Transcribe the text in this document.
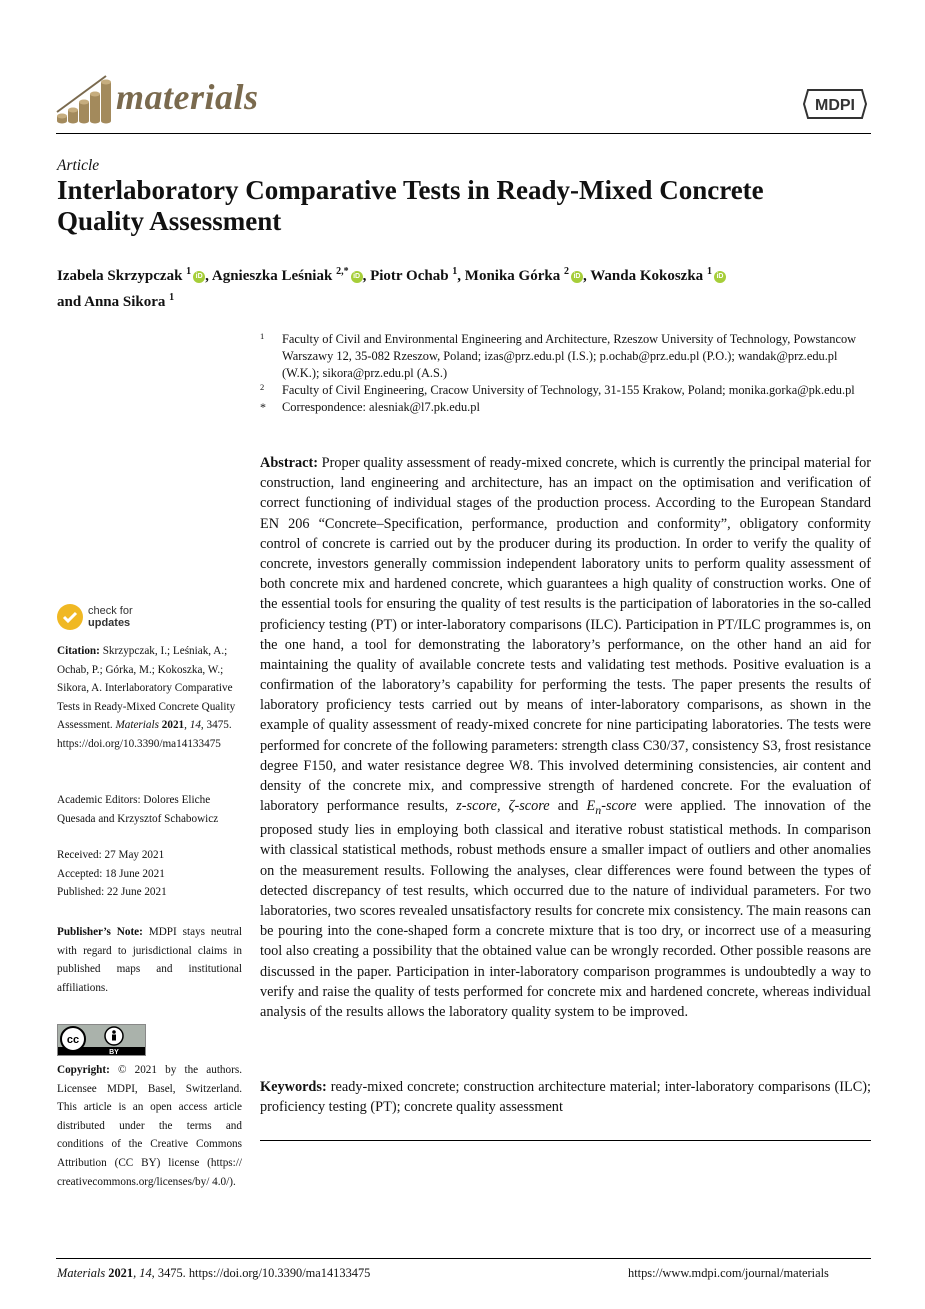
materials	MDPI
Article
Interlaboratory Comparative Tests in Ready-Mixed Concrete Quality Assessment
Izabela Skrzypczak $^1$ iD , Agnieszka Leśniak $^{2,*}$ iD , Piotr Ochab $^1$, Monika Górka $^2$ iD , Wanda Kokoszka $^1$ iD
and Anna Sikora $^1$
1 Faculty of Civil and Environmental Engineering and Architecture, Rzeszow University of Technology, Powstancow Warszawy 12, 35-082 Rzeszow, Poland; izas@prz.edu.pl (I.S.); p.ochab@prz.edu.pl (P.O.); wandak@prz.edu.pl (W.K.); sikora@prz.edu.pl (A.S.)
2 Faculty of Civil Engineering, Cracow University of Technology, 31-155 Krakow, Poland; monika.gorka@pk.edu.pl
* Correspondence: alesniak@l7.pk.edu.pl
Abstract: Proper quality assessment of ready-mixed concrete, which is currently the principal material for construction, land engineering and architecture, has an impact on the optimisation and verification of correct functioning of individual stages of the production process. According to the European Standard EN 206 “Concrete–Specification, performance, production and conformity”, obligatory conformity control of concrete is carried out by the producer during its production. In order to verify the quality of concrete, investors generally commission independent laboratory units to perform quality assessment of both concrete mix and hardened concrete, which guarantees a high quality of construction works. One of the essential tools for ensuring the quality of test results is the participation of laboratories in the so-called proficiency testing (PT) or inter-laboratory comparisons (ILC). Participation in PT/ILC programmes is, on the one hand, a tool for demonstrating the laboratory’s performance, on the other hand an aid for maintaining the quality of available concrete tests and validating test methods. Positive evaluation is a confirmation of the laboratory’s capability for performing the tests. The paper presents the results of laboratory proficiency tests carried out by means of inter-laboratory comparisons, as shown in the example of quality assessment of ready-mixed concrete for nine participating laboratories. The tests were performed for concrete of the following parameters: strength class C30/37, consistency S3, frost resistance degree F150, and water resistance degree W8. This involved determining consistencies, air content and density of the concrete mix, and compressive strength of hardened concrete. For the evaluation of laboratory performance results, z-score, ζ-score and $E_n$-score were applied. The innovation of the proposed study lies in employing both classical and iterative robust statistical methods. In comparison with classical statistical methods, robust methods ensure a smaller impact of outliers and other anomalies on the measurement results. Following the analyses, clear differences were found between the types of detected discrepancy of test results, which occurred due to the nature of individual parameters. For two laboratories, two scores revealed unsatisfactory results for concrete mix consistency. The main reasons can be pouring into the cone-shaped form a concrete mixture that is too dry, or incorrect use of a measuring tool also creating a possibility that the obtained value can be wrongly recorded. Other possible reasons are discussed in the paper. Participation in inter-laboratory comparison programmes is undoubtedly a way to verify and raise the quality of tests performed for concrete mix and hardened concrete, whereas individual analysis of the results allows the laboratory quality system to be improved.
Keywords: ready-mixed concrete; construction architecture material; inter-laboratory comparisons (ILC); proficiency testing (PT); concrete quality assessment
check for
updates
Citation: Skrzypczak, I.; Leśniak, A.; Ochab, P.; Górka, M.; Kokoszka, W.; Sikora, A. Interlaboratory Comparative Tests in Ready-Mixed Concrete Quality Assessment. Materials 2021, 14, 3475. https://doi.org/10.3390/ma14133475
Academic Editors: Dolores Eliche Quesada and Krzysztof Schabowicz
Received: 27 May 2021
Accepted: 18 June 2021
Published: 22 June 2021
Publisher’s Note: MDPI stays neutral with regard to jurisdictional claims in published maps and institutional affiliations.
cc
BY
Copyright: © 2021 by the authors. Licensee MDPI, Basel, Switzerland. This article is an open access article distributed under the terms and conditions of the Creative Commons Attribution (CC BY) license (https:// creativecommons.org/licenses/by/ 4.0/).
Materials 2021, 14, 3475. https://doi.org/10.3390/ma14133475	https://www.mdpi.com/journal/materials
